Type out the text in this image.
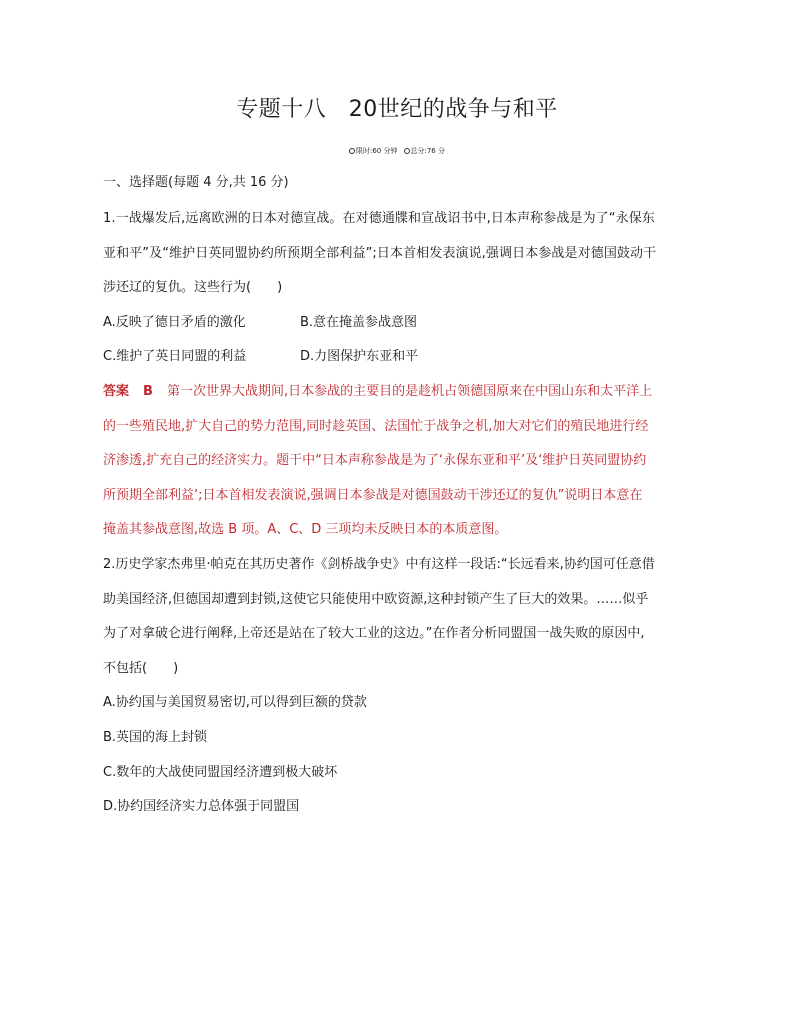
专题十八　20世纪的战争与和平
限时:60 分钟 总分:76 分
一、选择题(每题 4 分,共 16 分)
1.一战爆发后,远离欧洲的日本对德宣战。在对德通牒和宣战诏书中,日本声称参战是为了“永保东
亚和平”及“维护日英同盟协约所预期全部利益”;日本首相发表演说,强调日本参战是对德国鼓动干
涉还辽的复仇。这些行为(　　)
A.反映了德日矛盾的激化	B.意在掩盖参战意图
C.维护了英日同盟的利益	D.力图保护东亚和平
答案 B 第一次世界大战期间,日本参战的主要目的是趁机占领德国原来在中国山东和太平洋上
的一些殖民地,扩大自己的势力范围,同时趁英国、法国忙于战争之机,加大对它们的殖民地进行经
济渗透,扩充自己的经济实力。题干中“日本声称参战是为了‘永保东亚和平’及‘维护日英同盟协约
所预期全部利益’;日本首相发表演说,强调日本参战是对德国鼓动干涉还辽的复仇”说明日本意在
掩盖其参战意图,故选 B 项。A、C、D 三项均未反映日本的本质意图。
2.历史学家杰弗里·帕克在其历史著作《剑桥战争史》中有这样一段话:“长远看来,协约国可任意借
助美国经济,但德国却遭到封锁,这使它只能使用中欧资源,这种封锁产生了巨大的效果。……似乎
为了对拿破仑进行阐释,上帝还是站在了较大工业的这边。”在作者分析同盟国一战失败的原因中,
不包括(　　)
A.协约国与美国贸易密切,可以得到巨额的贷款
B.英国的海上封锁
C.数年的大战使同盟国经济遭到极大破坏
D.协约国经济实力总体强于同盟国
